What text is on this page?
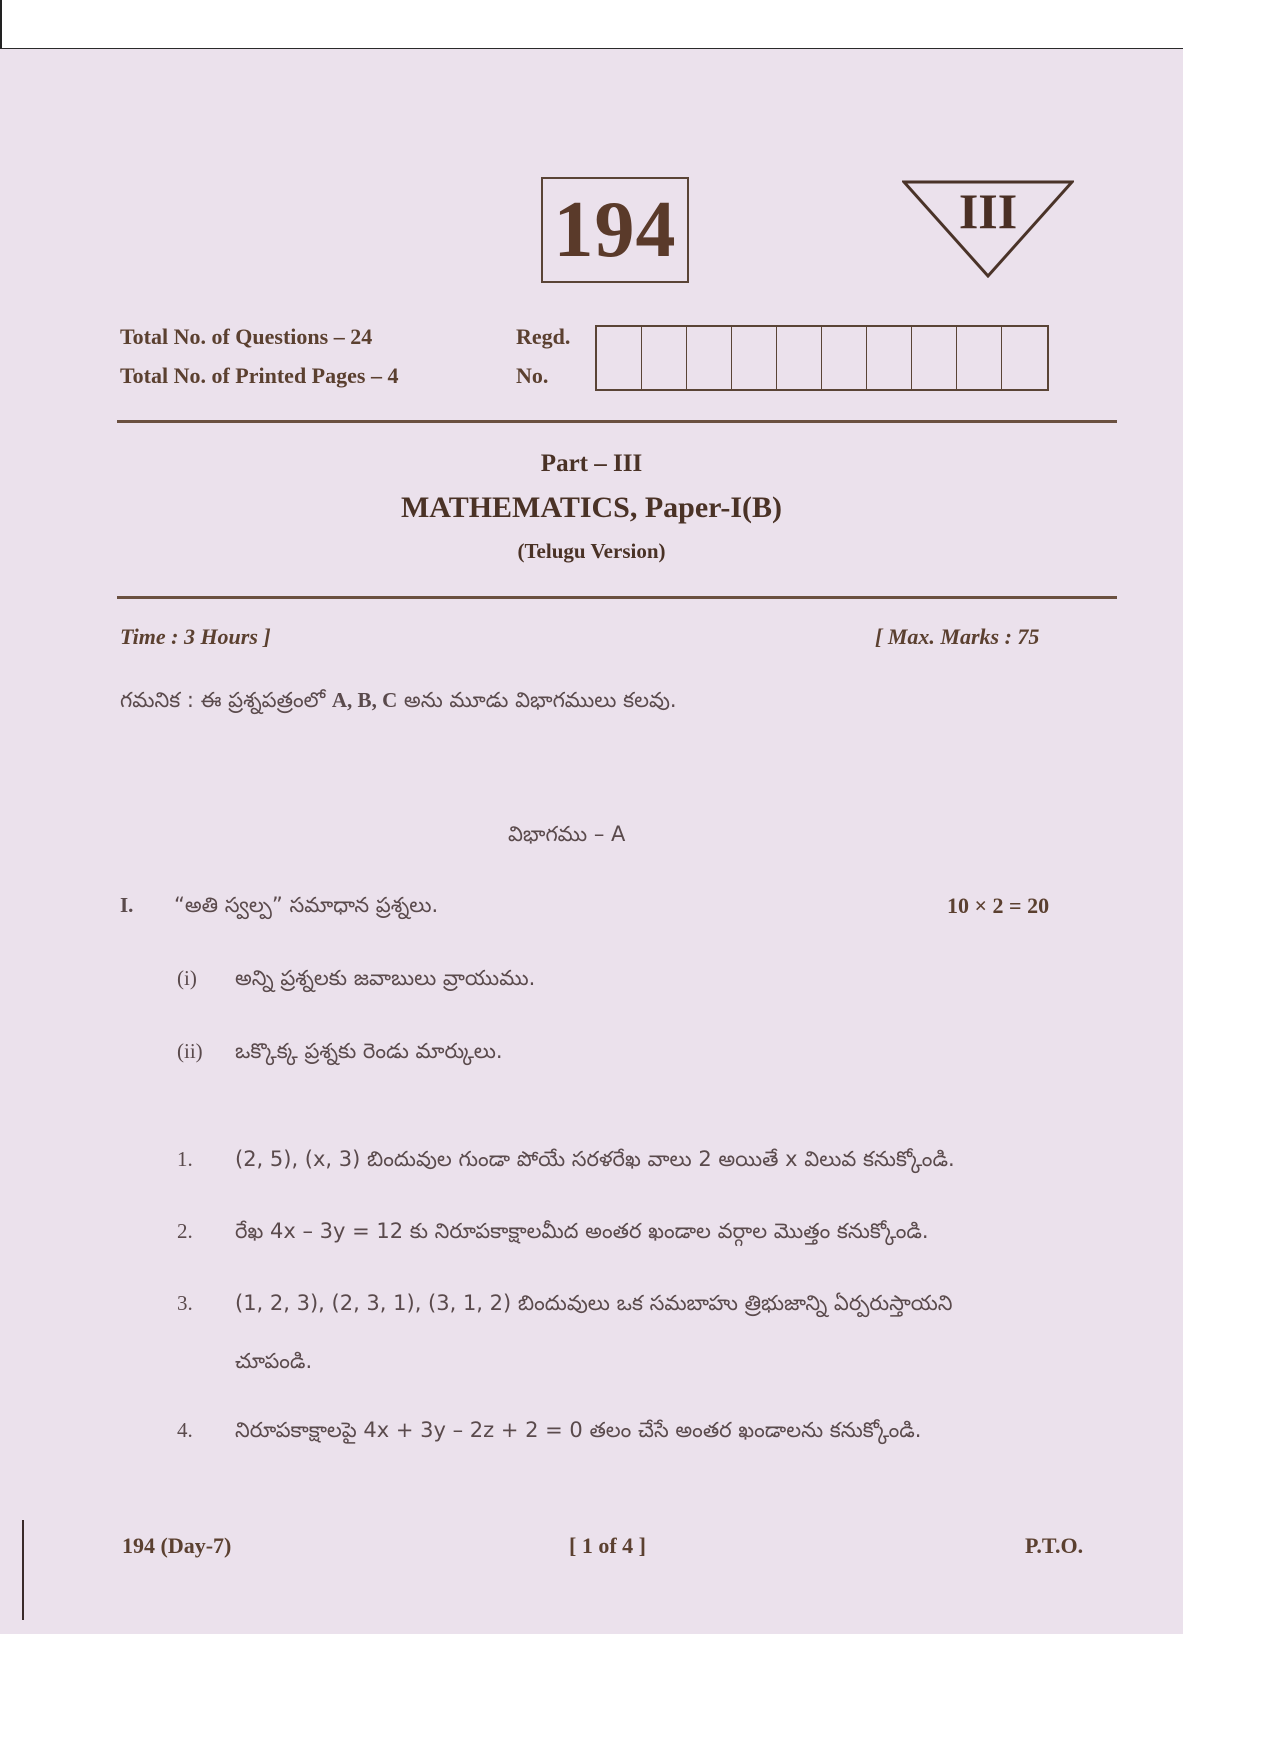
194	III
Total No. of Questions – 24
Total No. of Printed Pages – 4
Regd.
No.
Part – III
MATHEMATICS, Paper-I(B)
(Telugu Version)
Time : 3 Hours ]	[ Max. Marks : 75
గమనిక : ఈ ప్రశ్నపత్రంలో A, B, C అను మూడు విభాగములు కలవు.
విభాగము – A
I. “అతి స్వల్ప” సమాధాన ప్రశ్నలు.	10 × 2 = 20
(i) అన్ని ప్రశ్నలకు జవాబులు వ్రాయుము.
(ii) ఒక్కొక్క ప్రశ్నకు రెండు మార్కులు.
1. (2, 5), (x, 3) బిందువుల గుండా పోయే సరళరేఖ వాలు 2 అయితే x విలువ కనుక్కోండి.
2. రేఖ 4x – 3y = 12 కు నిరూపకాక్షాలమీద అంతర ఖండాల వర్గాల మొత్తం కనుక్కోండి.
3. (1, 2, 3), (2, 3, 1), (3, 1, 2) బిందువులు ఒక సమబాహు త్రిభుజాన్ని ఏర్పరుస్తాయని
చూపండి.
4. నిరూపకాక్షాలపై 4x + 3y – 2z + 2 = 0 తలం చేసే అంతర ఖండాలను కనుక్కోండి.
194 (Day-7)	[ 1 of 4 ]	P.T.O.
